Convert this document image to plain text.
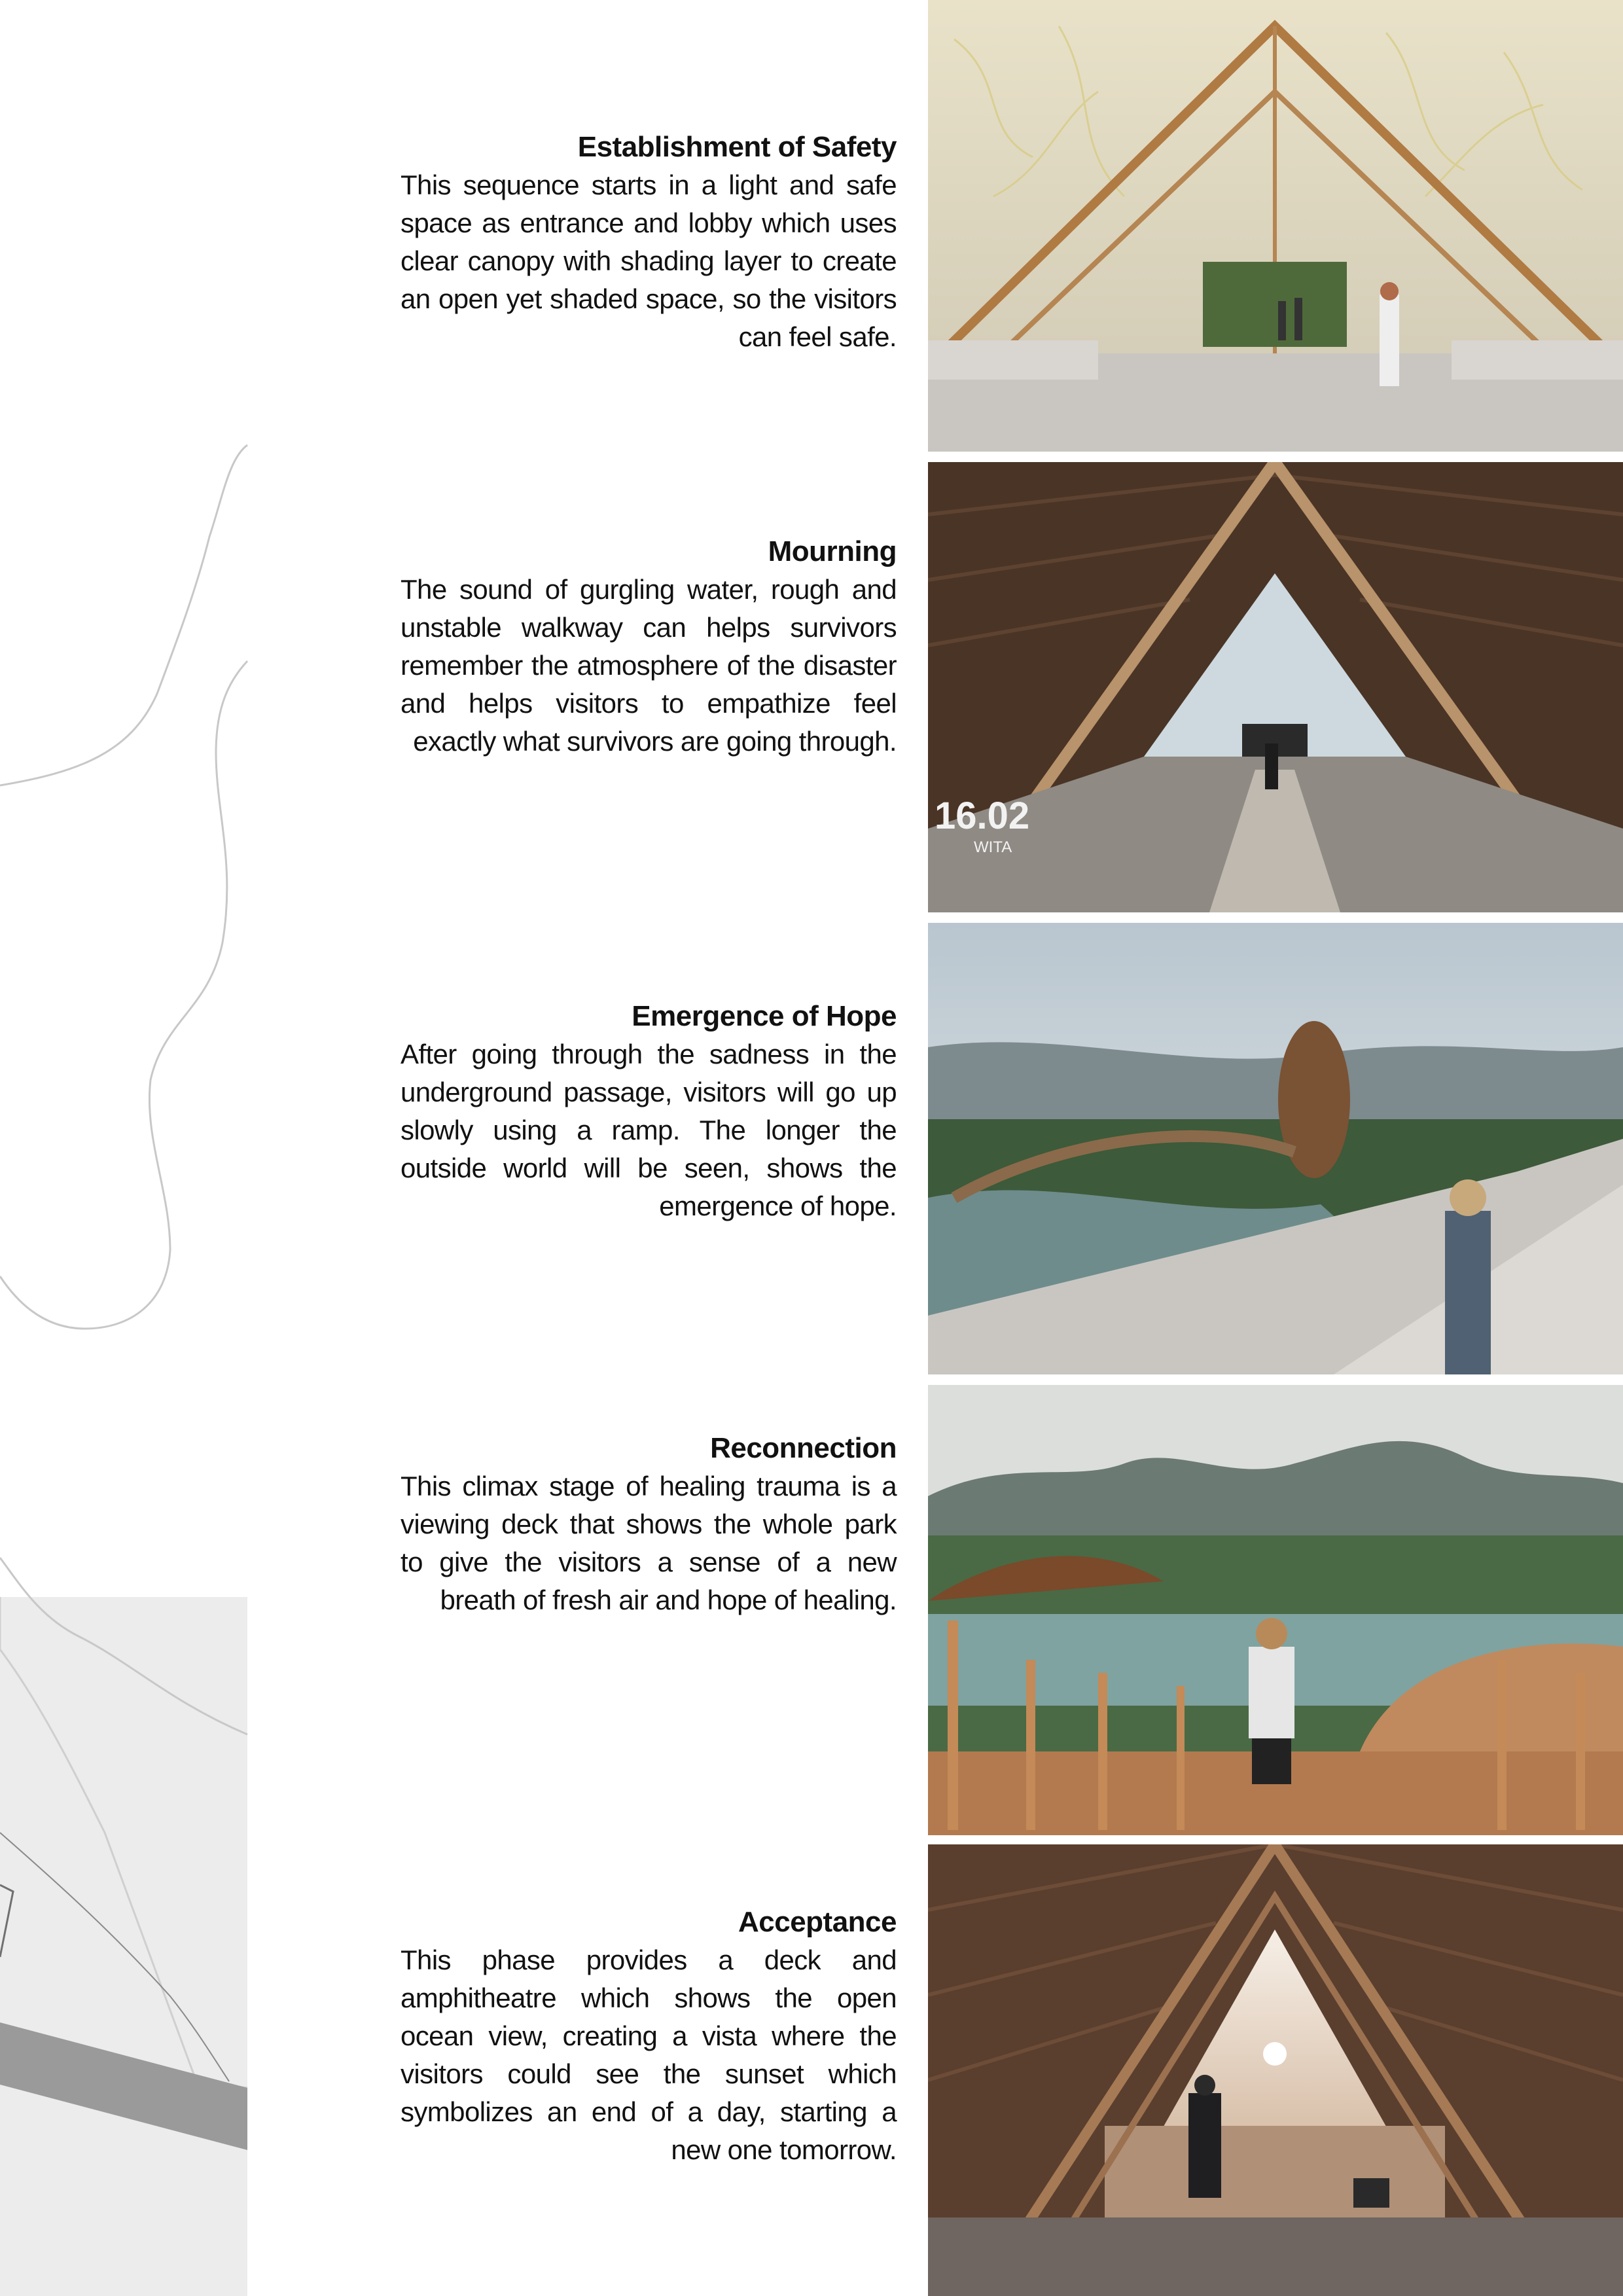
Establishment of Safety

This sequence starts in a light and safe space as entrance and lobby which uses clear canopy with shading layer to create an open yet shaded space, so the visitors can feel safe.

Mourning

The sound of gurgling water, rough and unstable walkway can helps survivors remember the atmosphere of the disaster and helps visitors to empathize feel exactly what survivors are going through.

16.02
WITA

Emergence of Hope

After going through the sadness in the underground passage, visitors will go up slowly using a ramp. The longer the outside world will be seen, shows the emergence of hope.

Reconnection

This climax stage of healing trauma is a viewing deck that shows the whole park to give the visitors a sense of a new breath of fresh air and hope of healing.

Acceptance

This phase provides a deck and amphitheatre which shows the open ocean view, creating a vista where the visitors could see the sunset which symbolizes an end of a day, starting a new one tomorrow.
